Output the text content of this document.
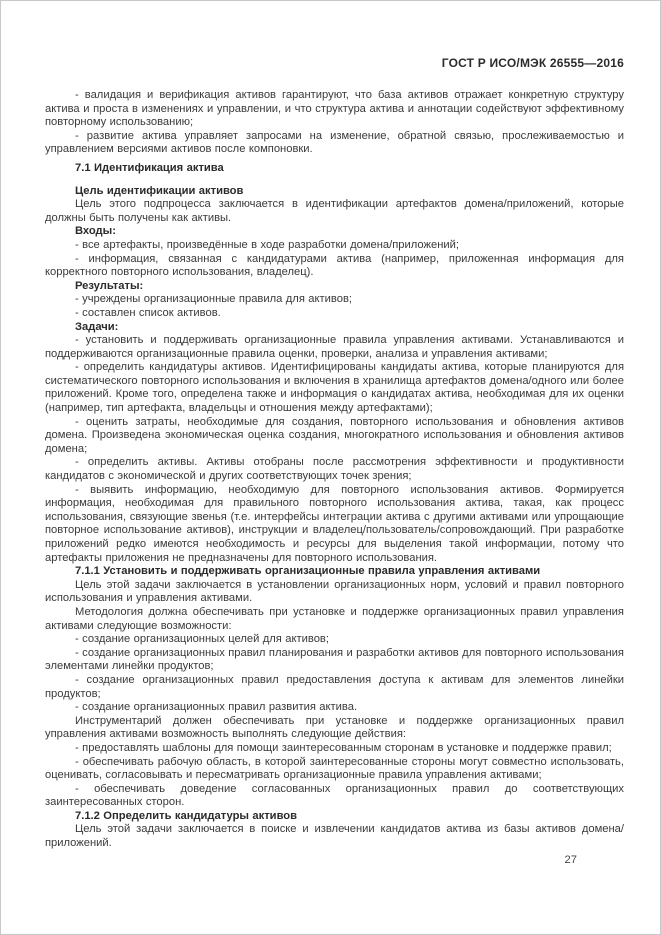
ГОСТ Р ИСО/МЭК 26555—2016

- валидация и верификация активов гарантируют, что база активов отражает конкретную структуру актива и проста в изменениях и управлении, и что структура актива и аннотации содействуют эффективному повторному использованию;

- развитие актива управляет запросами на изменение, обратной связью, прослеживаемостью и управлением версиями активов после компоновки.

7.1 Идентификация актива

Цель идентификации активов

Цель этого подпроцесса заключается в идентификации артефактов домена/приложений, которые должны быть получены как активы.

Входы:

- все артефакты, произведённые в ходе разработки домена/приложений;

- информация, связанная с кандидатурами актива (например, приложенная информация для корректного повторного использования, владелец).

Результаты:

- учреждены организационные правила для активов;

- составлен список активов.

Задачи:

- установить и поддерживать организационные правила управления активами. Устанавливаются и поддерживаются организационные правила оценки, проверки, анализа и управления активами;

- определить кандидатуры активов. Идентифицированы кандидаты актива, которые планируются для систематического повторного использования и включения в хранилища артефактов домена/одного или более приложений. Кроме того, определена также и информация о кандидатах актива, необходимая для их оценки (например, тип артефакта, владельцы и отношения между артефактами);

- оценить затраты, необходимые для создания, повторного использования и обновления активов домена. Произведена экономическая оценка создания, многократного использования и обновления активов домена;

- определить активы. Активы отобраны после рассмотрения эффективности и продуктивности кандидатов с экономической и других соответствующих точек зрения;

- выявить информацию, необходимую для повторного использования активов. Формируется информация, необходимая для правильного повторного использования актива, такая, как процесс использования, связующие звенья (т.е. интерфейсы интеграции актива с другими активами или упрощающие повторное использование активов), инструкции и владелец/пользователь/сопровождающий. При разработке приложений редко имеются необходимость и ресурсы для выделения такой информации, потому что артефакты приложения не предназначены для повторного использования.

7.1.1 Установить и поддерживать организационные правила управления активами

Цель этой задачи заключается в установлении организационных норм, условий и правил повторного использования и управления активами.

Методология должна обеспечивать при установке и поддержке организационных правил управления активами следующие возможности:

- создание организационных целей для активов;

- создание организационных правил планирования и разработки активов для повторного использования элементами линейки продуктов;

- создание организационных правил предоставления доступа к активам для элементов линейки продуктов;

- создание организационных правил развития актива.

Инструментарий должен обеспечивать при установке и поддержке организационных правил управления активами возможность выполнять следующие действия:

- предоставлять шаблоны для помощи заинтересованным сторонам в установке и поддержке правил;

- обеспечивать рабочую область, в которой заинтересованные стороны могут совместно использовать, оценивать, согласовывать и пересматривать организационные правила управления активами;

- обеспечивать доведение согласованных организационных правил до соответствующих заинтересованных сторон.

7.1.2 Определить кандидатуры активов

Цель этой задачи заключается в поиске и извлечении кандидатов актива из базы активов домена/приложений.

27
